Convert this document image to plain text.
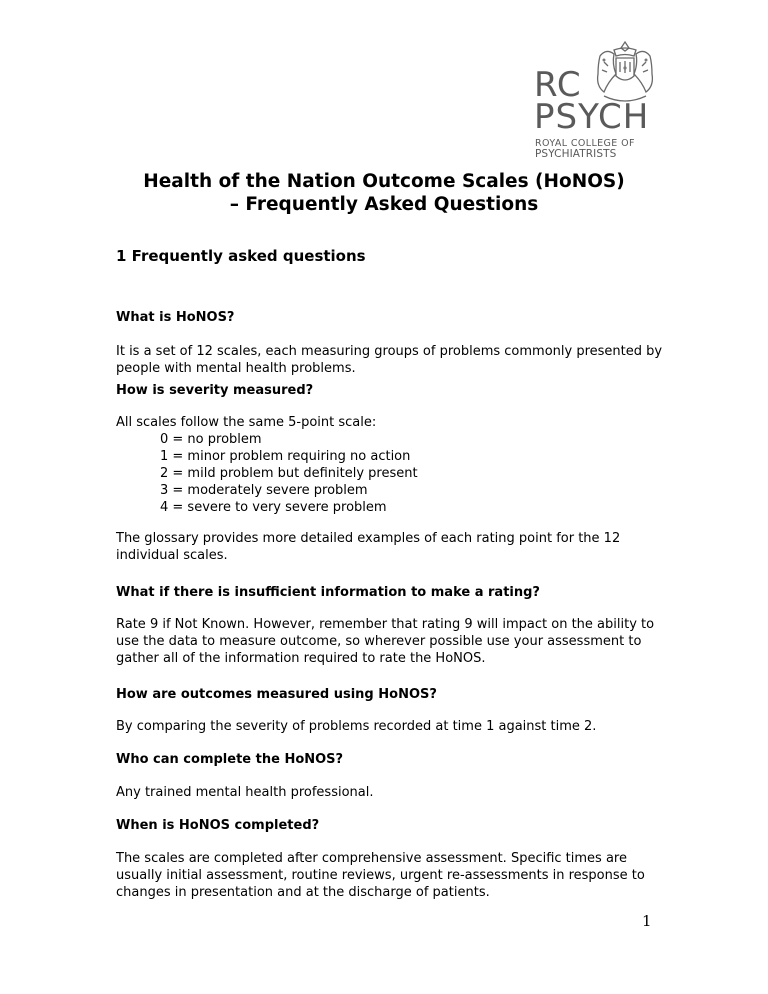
RC
PSYCH
ROYAL COLLEGE OF
PSYCHIATRISTS
Health of the Nation Outcome Scales (HoNOS)
– Frequently Asked Questions
1 Frequently asked questions
What is HoNOS?
It is a set of 12 scales, each measuring groups of problems commonly presented by people with mental health problems.
How is severity measured?
All scales follow the same 5-point scale:
0 = no problem
1 = minor problem requiring no action
2 = mild problem but definitely present
3 = moderately severe problem
4 = severe to very severe problem
The glossary provides more detailed examples of each rating point for the 12 individual scales.
What if there is insufficient information to make a rating?
Rate 9 if Not Known. However, remember that rating 9 will impact on the ability to use the data to measure outcome, so wherever possible use your assessment to gather all of the information required to rate the HoNOS.
How are outcomes measured using HoNOS?
By comparing the severity of problems recorded at time 1 against time 2.
Who can complete the HoNOS?
Any trained mental health professional.
When is HoNOS completed?
The scales are completed after comprehensive assessment. Specific times are usually initial assessment, routine reviews, urgent re-assessments in response to changes in presentation and at the discharge of patients.
1
